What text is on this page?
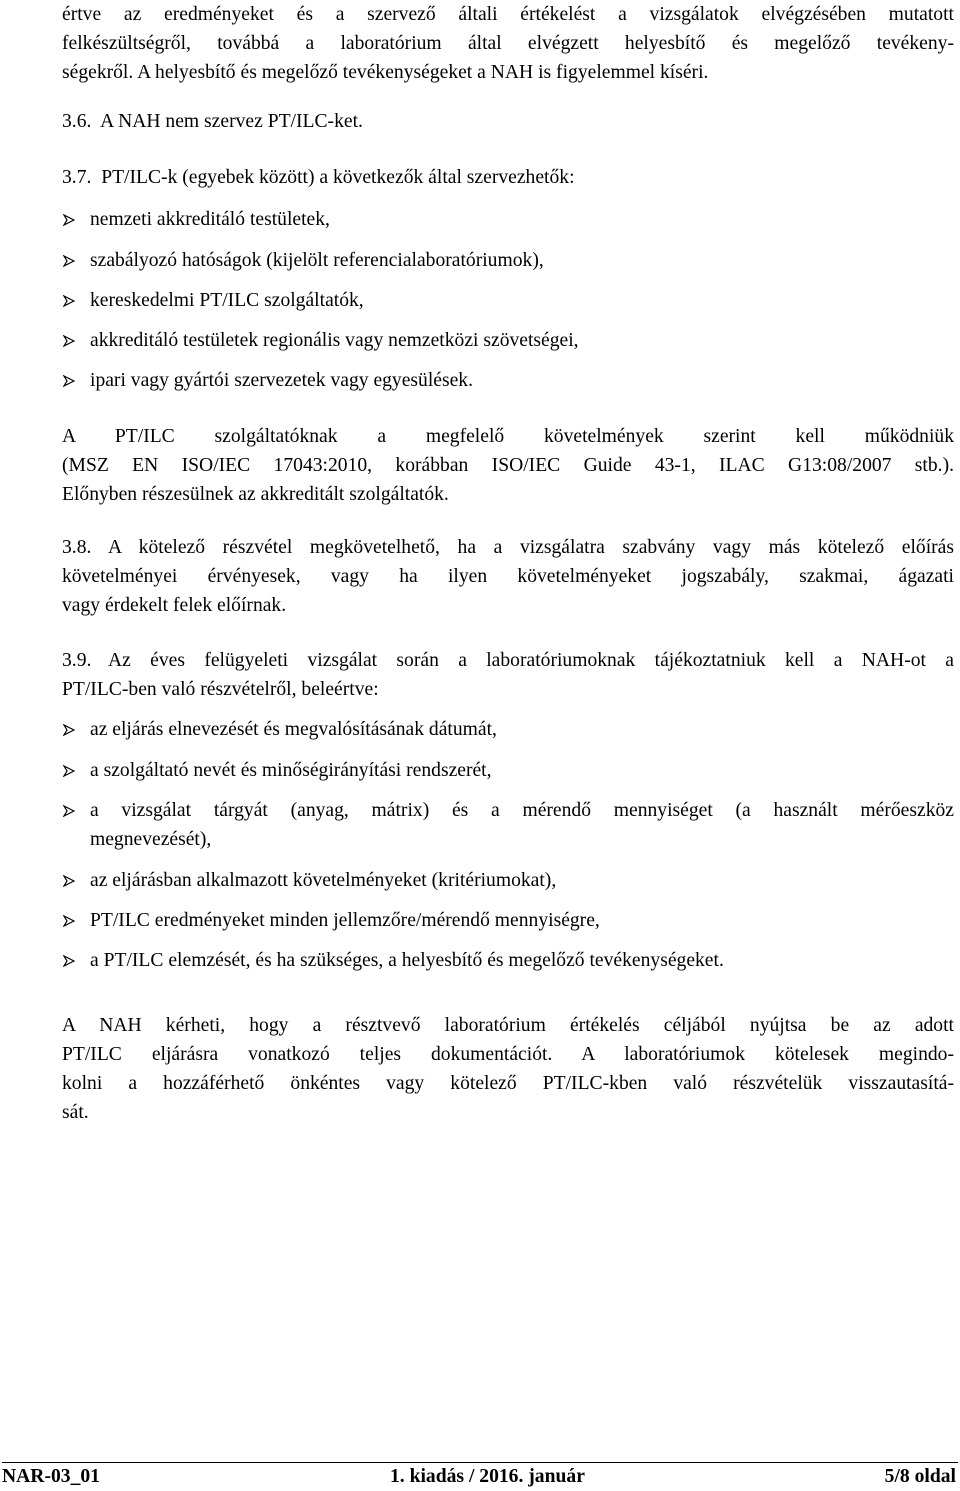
értve az eredményeket és a szervező általi értékelést a vizsgálatok elvégzésében mutatott
felkészültségről, továbbá a laboratórium által elvégzett helyesbítő és megelőző tevékeny-
ségekről. A helyesbítő és megelőző tevékenységeket a NAH is figyelemmel kíséri.
3.6. A NAH nem szervez PT/ILC-ket.
3.7. PT/ILC-k (egyebek között) a következők által szervezhetők:
nemzeti akkreditáló testületek,
szabályozó hatóságok (kijelölt referencialaboratóriumok),
kereskedelmi PT/ILC szolgáltatók,
akkreditáló testületek regionális vagy nemzetközi szövetségei,
ipari vagy gyártói szervezetek vagy egyesülések.
A PT/ILC szolgáltatóknak a megfelelő követelmények szerint kell működniük
(MSZ EN ISO/IEC 17043:2010, korábban ISO/IEC Guide 43-1, ILAC G13:08/2007 stb.).
Előnyben részesülnek az akkreditált szolgáltatók.
3.8.
3.9.
A NAH kérheti, hogy a résztvevő laboratórium értékelés céljából nyújtsa be az adott
PT/ILC eljárásra vonatkozó teljes dokumentációt. A laboratóriumok kötelesek megindo-
kolni a hozzáférhető önkéntes vagy kötelező PT/ILC-kben való részvételük visszautasítá-
sát.
NAR-03_01	1. kiadás / 2016. január	5/8 oldal
A kötelező részvétel megkövetelhető, ha a vizsgálatra szabvány vagy más kötelező előírás
követelményei érvényesek, vagy ha ilyen követelményeket jogszabály, szakmai, ágazati
vagy érdekelt felek előírnak.
Az éves felügyeleti vizsgálat során a laboratóriumoknak tájékoztatniuk kell a NAH-ot a
PT/ILC-ben való részvételről, beleértve:
az eljárás elnevezését és megvalósításának dátumát,
a szolgáltató nevét és minőségirányítási rendszerét,
a vizsgálat tárgyát (anyag, mátrix) és a mérendő mennyiséget (a használt mérőeszköz
megnevezését),
az eljárásban alkalmazott követelményeket (kritériumokat),
PT/ILC eredményeket minden jellemzőre/mérendő mennyiségre,
a PT/ILC elemzését, és ha szükséges, a helyesbítő és megelőző tevékenységeket.
